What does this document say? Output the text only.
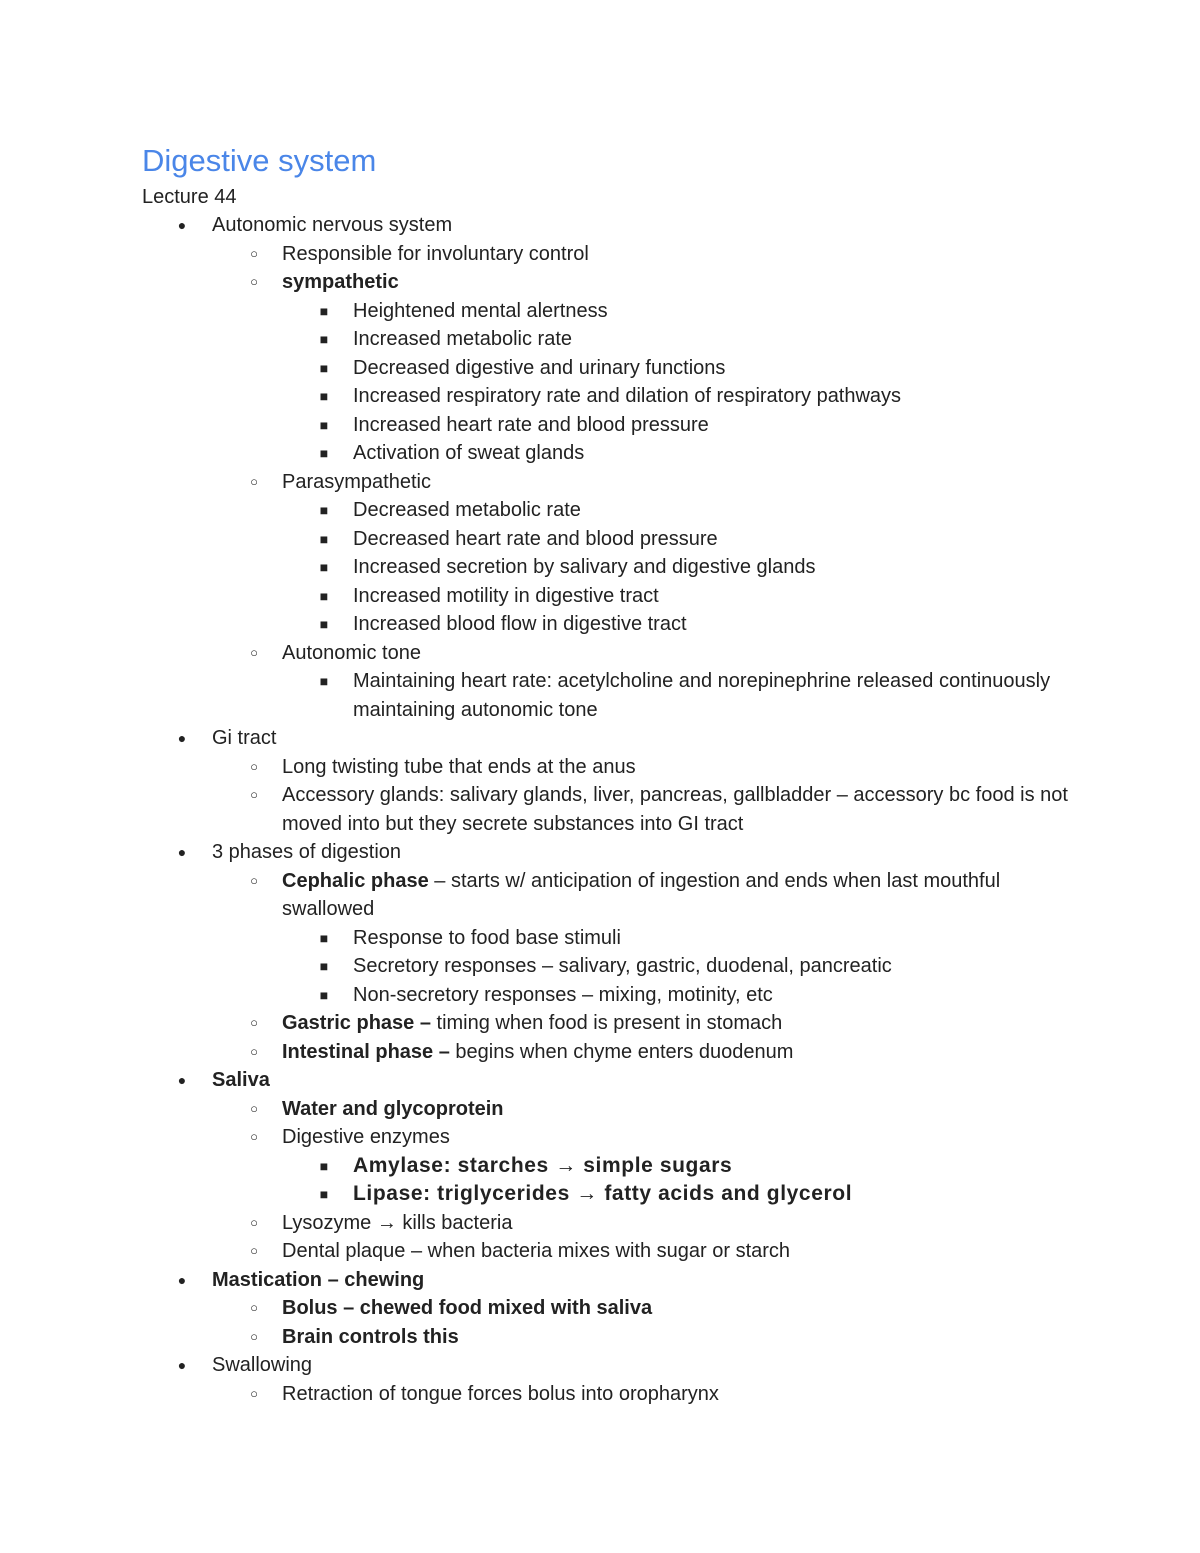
Digestive system

Lecture 44

● Autonomic nervous system
○	Responsible for involuntary control
○	sympathetic
■ Heightened mental alertness
■ Increased metabolic rate
■ Decreased digestive and urinary functions
■ Increased respiratory rate and dilation of respiratory pathways
■ Increased heart rate and blood pressure
■ Activation of sweat glands
○	Parasympathetic
■ Decreased metabolic rate
■ Decreased heart rate and blood pressure
■ Increased secretion by salivary and digestive glands
■ Increased motility in digestive tract
■ Increased blood flow in digestive tract
○	Autonomic tone
■ Maintaining heart rate: acetylcholine and norepinephrine released continuously maintaining autonomic tone
● Gi tract
○	Long twisting tube that ends at the anus
○	Accessory glands: salivary glands, liver, pancreas, gallbladder – accessory bc food is not moved into but they secrete substances into GI tract
● 3 phases of digestion
○	Cephalic phase – starts w/ anticipation of ingestion and ends when last mouthful swallowed
■ Response to food base stimuli
■ Secretory responses – salivary, gastric, duodenal, pancreatic
■ Non-secretory responses – mixing, motinity, etc
○	Gastric phase – timing when food is present in stomach
○	Intestinal phase – begins when chyme enters duodenum
● Saliva
○	Water and glycoprotein
○	Digestive enzymes
■ Amylase: starches → simple sugars
■ Lipase: triglycerides → fatty acids and glycerol
○	Lysozyme → kills bacteria
○	Dental plaque – when bacteria mixes with sugar or starch
● Mastication – chewing
○	Bolus – chewed food mixed with saliva
○	Brain controls this
● Swallowing
○	Retraction of tongue forces bolus into oropharynx
